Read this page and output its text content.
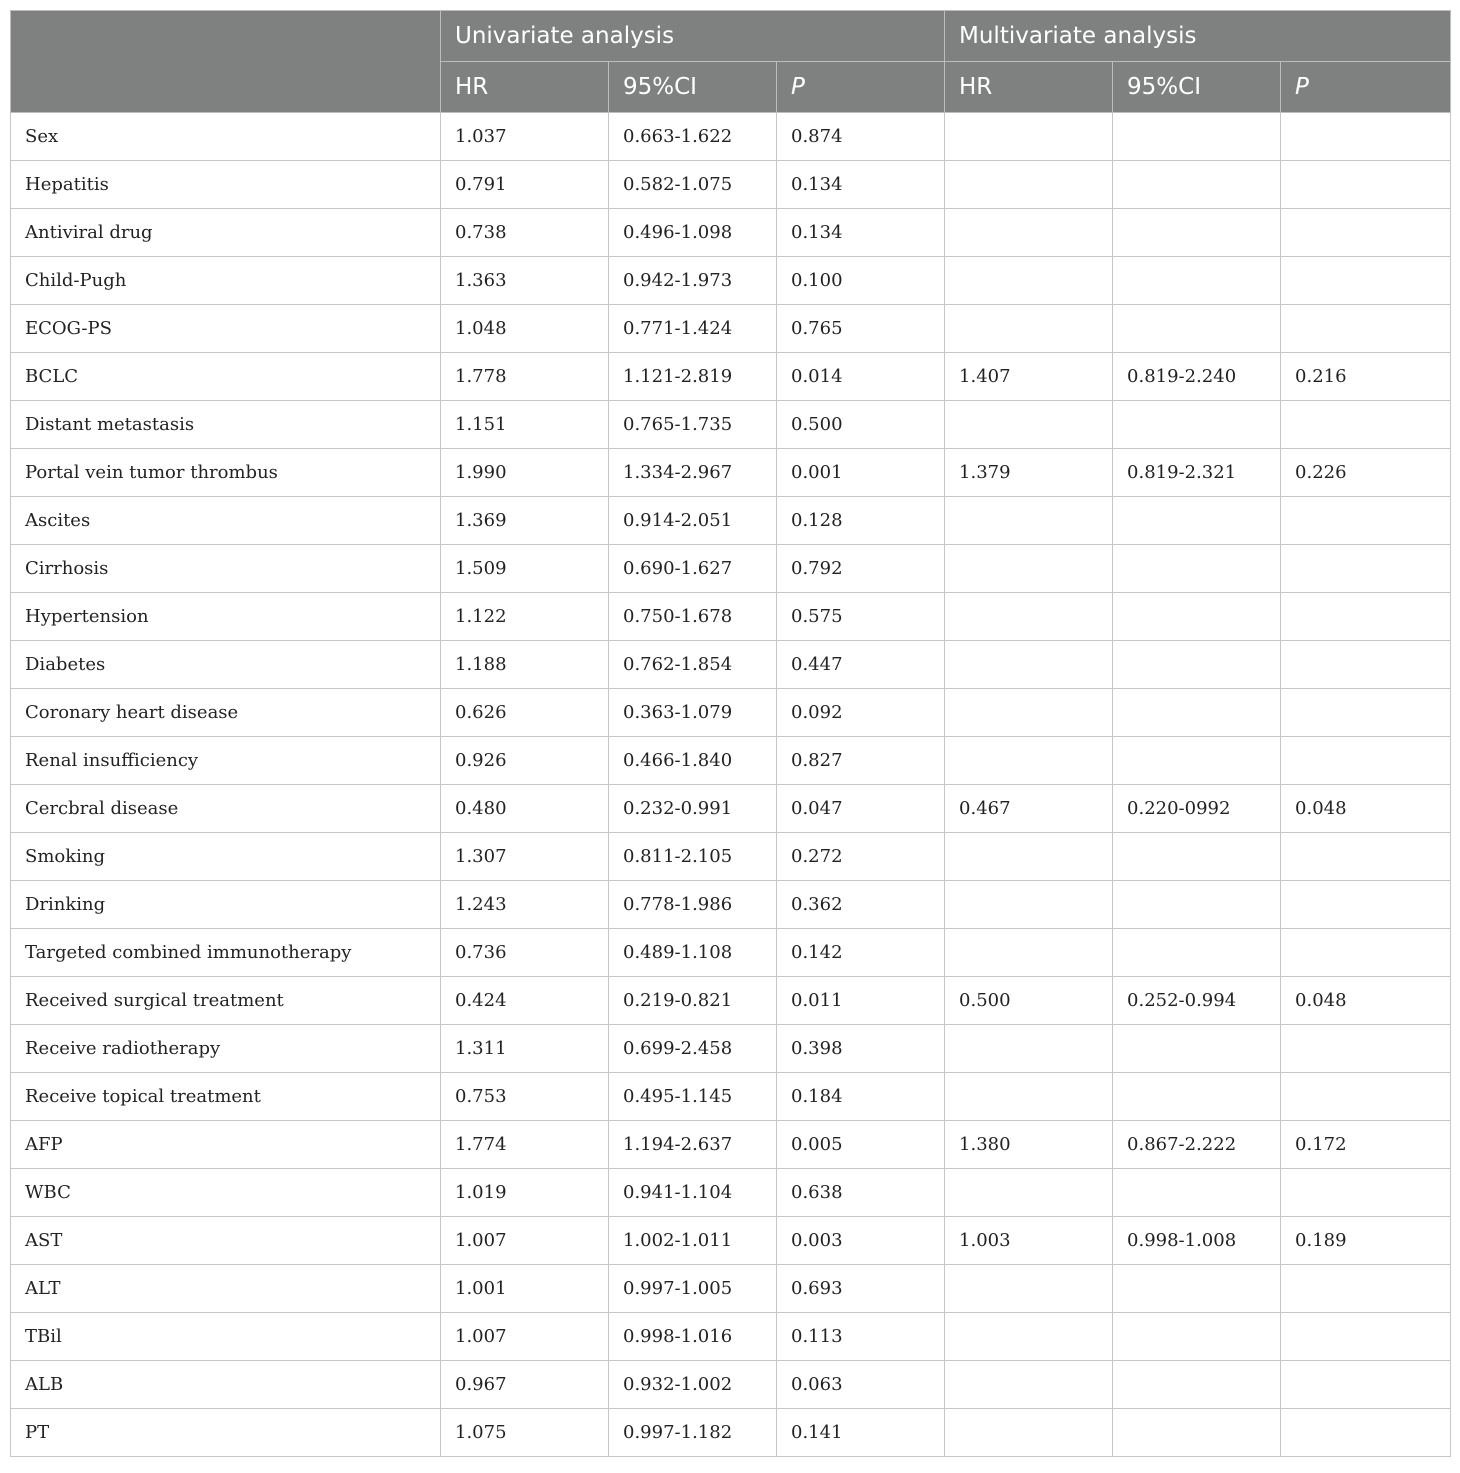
	Univariate analysis			Multivariate analysis		
	HR	95%CI	P	HR	95%CI	P
Sex	1.037	0.663-1.622	0.874			
Hepatitis	0.791	0.582-1.075	0.134			
Antiviral drug	0.738	0.496-1.098	0.134			
Child-Pugh	1.363	0.942-1.973	0.100			
ECOG-PS	1.048	0.771-1.424	0.765			
BCLC	1.778	1.121-2.819	0.014	1.407	0.819-2.240	0.216
Distant metastasis	1.151	0.765-1.735	0.500			
Portal vein tumor thrombus	1.990	1.334-2.967	0.001	1.379	0.819-2.321	0.226
Ascites	1.369	0.914-2.051	0.128			
Cirrhosis	1.509	0.690-1.627	0.792			
Hypertension	1.122	0.750-1.678	0.575			
Diabetes	1.188	0.762-1.854	0.447			
Coronary heart disease	0.626	0.363-1.079	0.092			
Renal insufficiency	0.926	0.466-1.840	0.827			
Cercbral disease	0.480	0.232-0.991	0.047	0.467	0.220-0992	0.048
Smoking	1.307	0.811-2.105	0.272			
Drinking	1.243	0.778-1.986	0.362			
Targeted combined immunotherapy	0.736	0.489-1.108	0.142			
Received surgical treatment	0.424	0.219-0.821	0.011	0.500	0.252-0.994	0.048
Receive radiotherapy	1.311	0.699-2.458	0.398			
Receive topical treatment	0.753	0.495-1.145	0.184			
AFP	1.774	1.194-2.637	0.005	1.380	0.867-2.222	0.172
WBC	1.019	0.941-1.104	0.638			
AST	1.007	1.002-1.011	0.003	1.003	0.998-1.008	0.189
ALT	1.001	0.997-1.005	0.693			
TBil	1.007	0.998-1.016	0.113			
ALB	0.967	0.932-1.002	0.063			
PT	1.075	0.997-1.182	0.141			
